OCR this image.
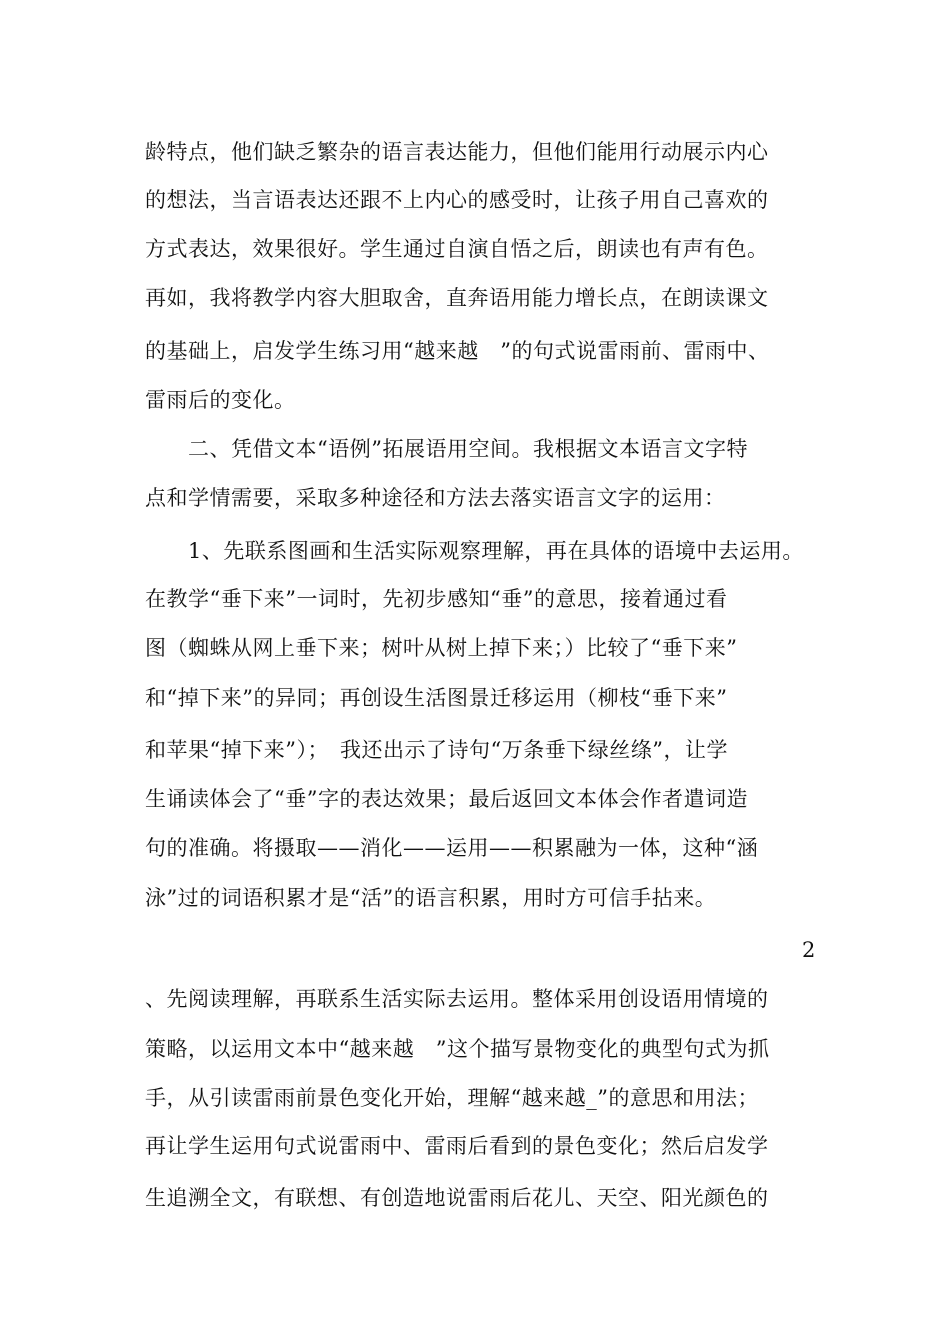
龄特点，他们缺乏繁杂的语言表达能力，但他们能用行动展示内心
的想法，当言语表达还跟不上内心的感受时，让孩子用自己喜欢的
方式表达，效果很好。学生通过自演自悟之后，朗读也有声有色。
再如，我将教学内容大胆取舍，直奔语用能力增长点，在朗读课文
的基础上，启发学生练习用“越来越　”的句式说雷雨前、雷雨中、
雷雨后的变化。
　　二、凭借文本“语例”拓展语用空间。我根据文本语言文字特
点和学情需要，采取多种途径和方法去落实语言文字的运用：
　　1、先联系图画和生活实际观察理解，再在具体的语境中去运用。
在教学“垂下来”一词时，先初步感知“垂”的意思，接着通过看
图（蜘蛛从网上垂下来；树叶从树上掉下来；）比较了“垂下来”
和“掉下来”的异同；再创设生活图景迁移运用（柳枝“垂下来”
和苹果“掉下来”）；　我还出示了诗句“万条垂下绿丝绦”，让学
生诵读体会了“垂”字的表达效果；最后返回文本体会作者遣词造
句的准确。将摄取——消化——运用——积累融为一体，这种“涵
泳”过的词语积累才是“活”的语言积累，用时方可信手拈来。
2
、先阅读理解，再联系生活实际去运用。整体采用创设语用情境的
策略，以运用文本中“越来越　”这个描写景物变化的典型句式为抓
手，从引读雷雨前景色变化开始，理解“越来越_”的意思和用法；
再让学生运用句式说雷雨中、雷雨后看到的景色变化；然后启发学
生追溯全文，有联想、有创造地说雷雨后花儿、天空、阳光颜色的
